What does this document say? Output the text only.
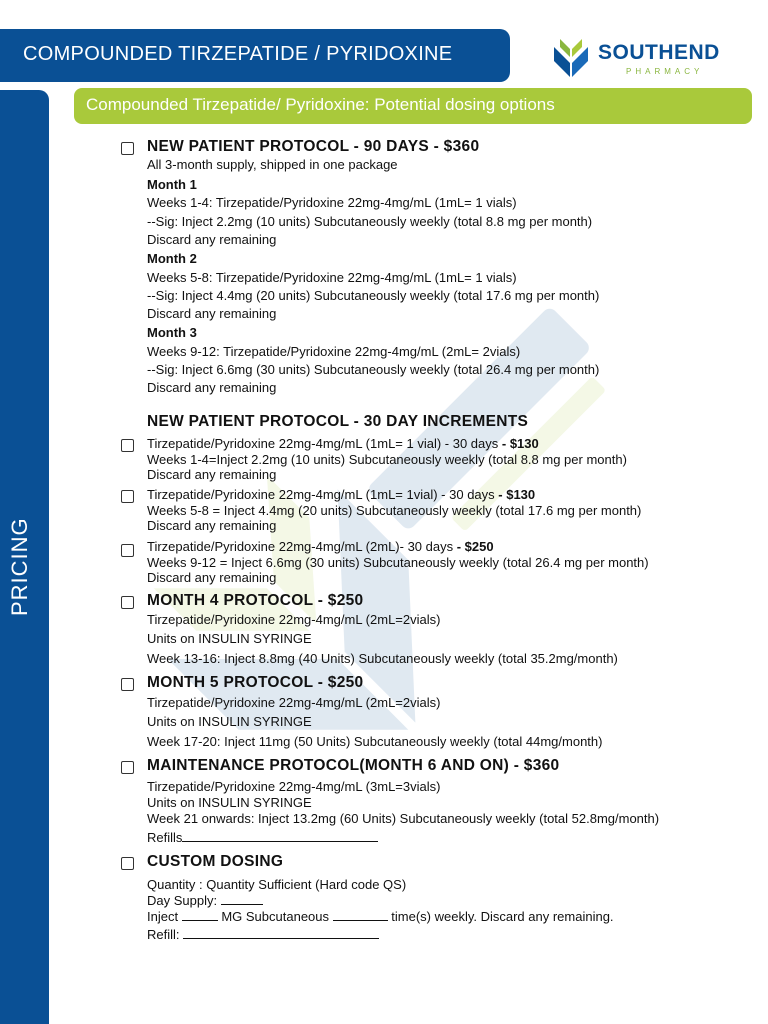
COMPOUNDED TIRZEPATIDE / PYRIDOXINE	SOUTHEND
PHARMACY
PRICING
Compounded Tirzepatide/ Pyridoxine: Potential dosing options
NEW PATIENT PROTOCOL - 90 DAYS - $360
All 3-month supply, shipped in one package
Month 1
Weeks 1-4: Tirzepatide/Pyridoxine 22mg-4mg/mL (1mL= 1 vials)
--Sig: Inject 2.2mg (10 units) Subcutaneously weekly (total 8.8 mg per month)
Discard any remaining
Month 2
Weeks 5-8: Tirzepatide/Pyridoxine 22mg-4mg/mL (1mL= 1 vials)
--Sig: Inject 4.4mg (20 units) Subcutaneously weekly (total 17.6 mg per month)
Discard any remaining
Month 3
Weeks 9-12: Tirzepatide/Pyridoxine 22mg-4mg/mL (2mL= 2vials)
--Sig: Inject 6.6mg (30 units) Subcutaneously weekly (total 26.4 mg per month)
Discard any remaining
NEW PATIENT PROTOCOL - 30 DAY INCREMENTS
Tirzepatide/Pyridoxine 22mg-4mg/mL (1mL= 1 vial) - 30 days - $130
Weeks 1-4=Inject 2.2mg (10 units) Subcutaneously weekly (total 8.8 mg per month)
Discard any remaining
Tirzepatide/Pyridoxine 22mg-4mg/mL (1mL= 1vial) - 30 days - $130
Weeks 5-8 = Inject 4.4mg (20 units) Subcutaneously weekly (total 17.6 mg per month)
Discard any remaining
Tirzepatide/Pyridoxine 22mg-4mg/mL (2mL)- 30 days - $250
Weeks 9-12 = Inject 6.6mg (30 units) Subcutaneously weekly (total 26.4 mg per month)
Discard any remaining
MONTH 4 PROTOCOL - $250
Tirzepatide/Pyridoxine 22mg-4mg/mL (2mL=2vials)
Units on INSULIN SYRINGE
Week 13-16: Inject 8.8mg (40 Units) Subcutaneously weekly (total 35.2mg/month)
MONTH 5 PROTOCOL - $250
Tirzepatide/Pyridoxine 22mg-4mg/mL (2mL=2vials)
Units on INSULIN SYRINGE
Week 17-20: Inject 11mg (50 Units) Subcutaneously weekly (total 44mg/month)
MAINTENANCE PROTOCOL(MONTH 6 AND ON) - $360
Tirzepatide/Pyridoxine 22mg-4mg/mL (3mL=3vials)
Units on INSULIN SYRINGE
Week 21 onwards: Inject 13.2mg (60 Units) Subcutaneously weekly (total 52.8mg/month)
Refills
CUSTOM DOSING
Quantity : Quantity Sufficient (Hard code QS)
Day Supply:
Inject	MG Subcutaneous	time(s) weekly. Discard any remaining.
Refill:
